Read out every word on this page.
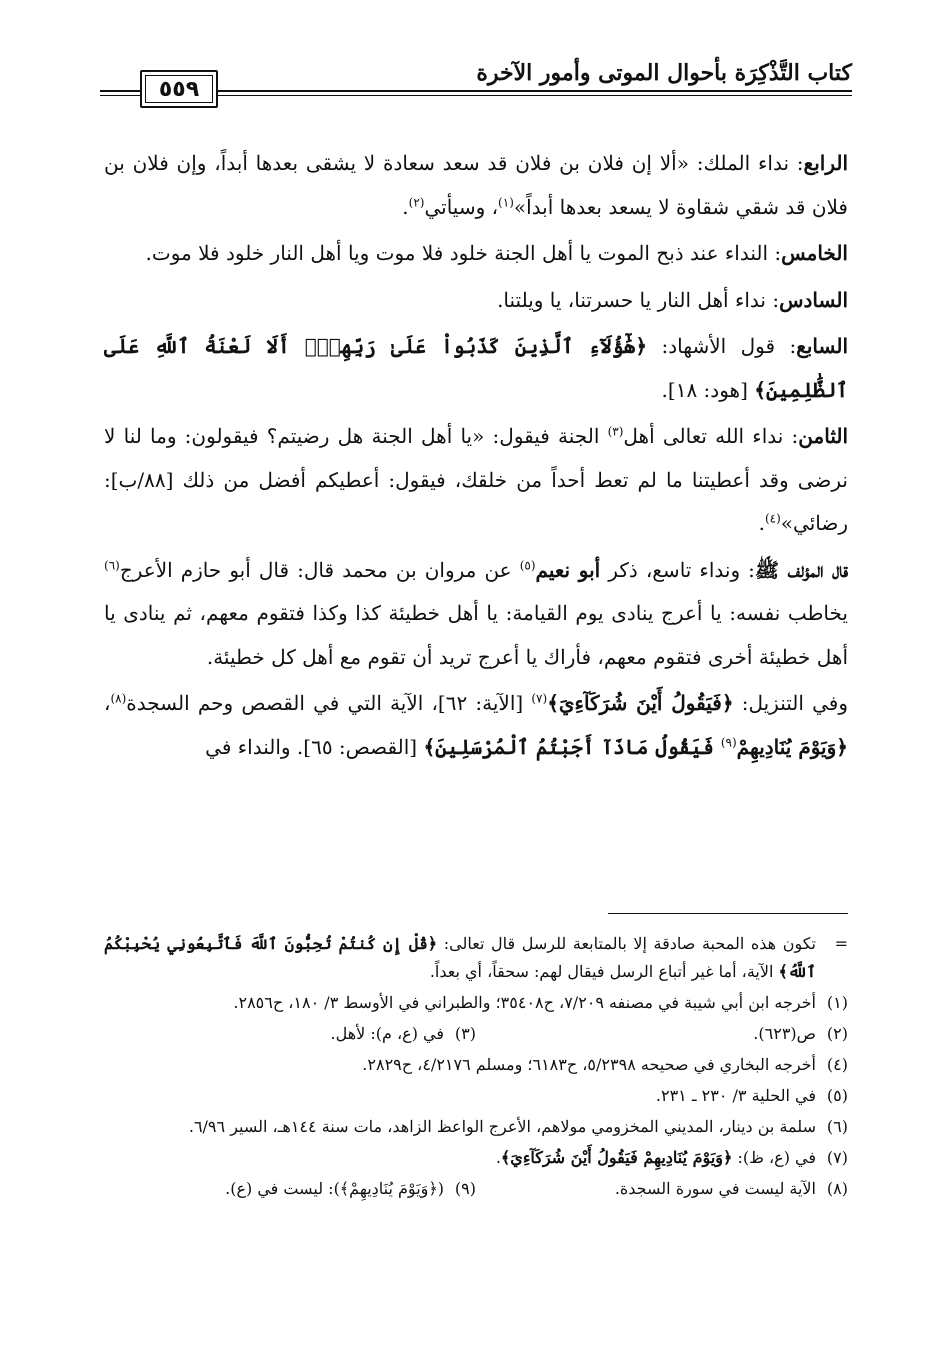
كتاب التَّذْكِرَة بأحوال الموتى وأمور الآخرة
٥٥٩

الرابع: نداء الملك: «ألا إن فلان بن فلان قد سعد سعادة لا يشقى بعدها أبداً، وإن فلان بن فلان قد شقي شقاوة لا يسعد بعدها أبداً»$^{(١)}$، وسيأتي$^{(٢)}$.

الخامس: النداء عند ذبح الموت يا أهل الجنة خلود فلا موت ويا أهل النار خلود فلا موت.

السادس: نداء أهل النار يا حسرتنا، يا ويلتنا.

السابع: قول الأشهاد: ﴿هَٰٓؤُلَآءِ ٱلَّذِينَ كَذَبُواْ عَلَىٰ رَبِّهِمْۚ أَلَا لَعْنَةُ ٱللَّهِ عَلَى ٱلظَّٰلِمِينَ﴾ [هود: ١٨].

الثامن: نداء الله تعالى أهل$^{(٣)}$ الجنة فيقول: «يا أهل الجنة هل رضيتم؟ فيقولون: وما لنا لا نرضى وقد أعطيتنا ما لم تعط أحداً من خلقك، فيقول: أعطيكم أفضل من ذلك [٨٨/ب]: رضائي»$^{(٤)}$.

قال المؤلف ﷺ: ونداء تاسع، ذكر أبو نعيم$^{(٥)}$ عن مروان بن محمد قال: قال أبو حازم الأعرج$^{(٦)}$ يخاطب نفسه: يا أعرج ينادى يوم القيامة: يا أهل خطيئة كذا وكذا فتقوم معهم، ثم ينادى يا أهل خطيئة أخرى فتقوم معهم، فأراك يا أعرج تريد أن تقوم مع أهل كل خطيئة.

وفي التنزيل: ﴿فَيَقُولُ أَيْنَ شُرَكَآءِيَ﴾$^{(٧)}$ [الآية: ٦٢]، الآية التي في القصص وحم السجدة$^{(٨)}$، ﴿وَيَوْمَ يُنَادِيهِمْ$^{(٩)}$ فَيَقُولُ مَاذَآ أَجَبْتُمُ ٱلْمُرْسَلِينَ﴾ [القصص: ٦٥]. والنداء في

=
تكون هذه المحبة صادقة إلا بالمتابعة للرسل قال تعالى: ﴿قُلْ إِن كُنتُمْ تُحِبُّونَ ٱللَّهَ فَٱتَّبِعُونِي يُحْبِبْكُمُ ٱللَّهُ﴾ الآية، أما غير أتباع الرسل فيقال لهم: سحقاً، أي بعداً.
(١)
أخرجه ابن أبي شيبة في مصنفه ٧/٢٠٩، ح٣٥٤٠٨؛ والطبراني في الأوسط ٣/ ١٨٠، ح٢٨٥٦.
(٢)
ص(٦٢٣).
(٣)
في (ع، م): لأهل.
(٤)
أخرجه البخاري في صحيحه ٥/٢٣٩٨، ح٦١٨٣؛ ومسلم ٤/٢١٧٦، ح٢٨٢٩.
(٥)
في الحلية ٣/ ٢٣٠ ـ ٢٣١.
(٦)
سلمة بن دينار، المديني المخزومي مولاهم، الأعرج الواعظ الزاهد، مات سنة ١٤٤هـ، السير ٦/٩٦.
(٧)
في (ع، ظ): ﴿وَيَوْمَ يُنَادِيهِمْ فَيَقُولُ أَيْنَ شُرَكَآءِيَ﴾.
(٨)
الآية ليست في سورة السجدة.
(٩)
(﴿وَيَوْمَ يُنَادِيهِمْ﴾): ليست في (ع).
